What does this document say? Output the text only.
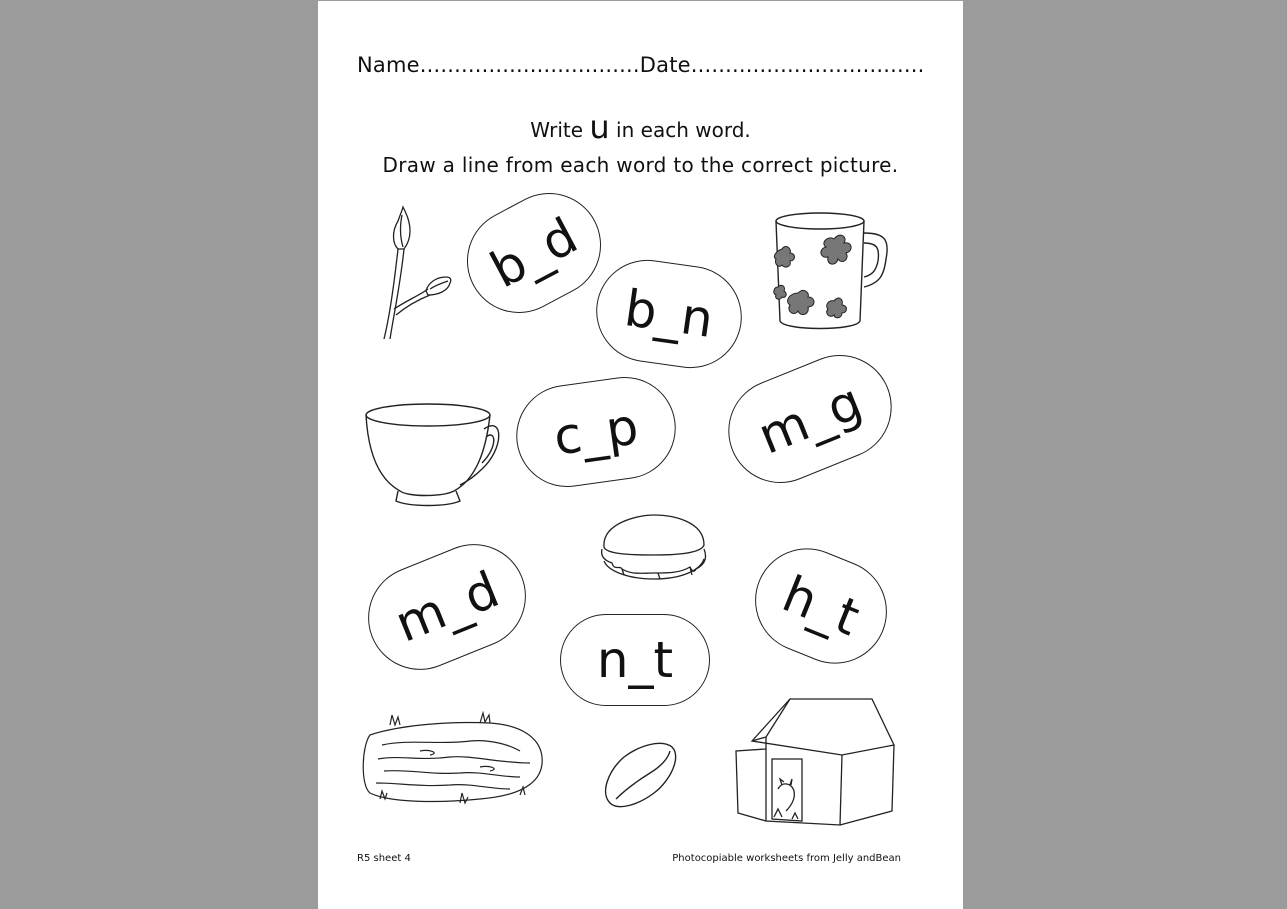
Name................................Date..................................
Write u in each word.
Draw a line from each word to the correct picture.
b_d
b_n
c_p m_g
m_d	h_t
n_t
R5 sheet 4	Photocopiable worksheets from Jelly andBean
